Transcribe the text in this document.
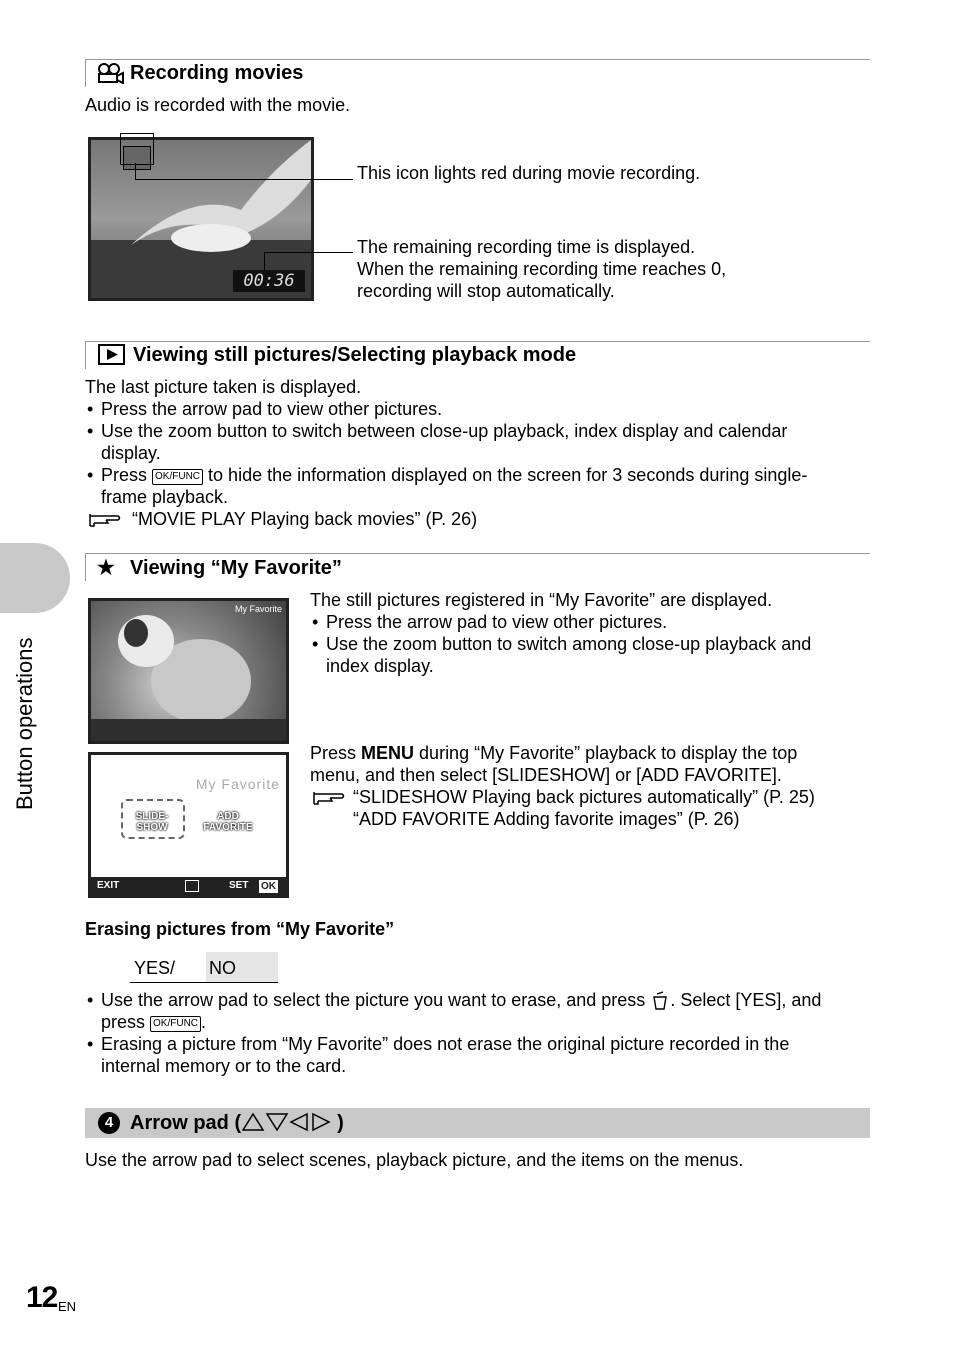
Button operations
Recording movies
Audio is recorded with the movie.
00:36
This icon lights red during movie recording.
The remaining recording time is displayed.
When the remaining recording time reaches 0,
recording will stop automatically.
Viewing still pictures/Selecting playback mode
The last picture taken is displayed.
• Press the arrow pad to view other pictures.
• Use the zoom button to switch between close-up playback, index display and calendar
display.
• Press OK/FUNC to hide the information displayed on the screen for 3 seconds during single-
frame playback.
“MOVIE PLAY Playing back movies” (P. 26)
★ Viewing “My Favorite”
My Favorite The still pictures registered in “My Favorite” are displayed.
• Press the arrow pad to view other pictures.
• Use the zoom button to switch among close-up playback and
index display.
My Favorite
SLIDE-
SHOW
ADD
FAVORITE
EXIT	SET OK
Press MENU during “My Favorite” playback to display the top
menu, and then select [SLIDESHOW] or [ADD FAVORITE].
“SLIDESHOW Playing back pictures automatically” (P. 25)
“ADD FAVORITE Adding favorite images” (P. 26)
Erasing pictures from “My Favorite”
YES/ NO
• Use the arrow pad to select the picture you want to erase, and press . Select [YES], and
press OK/FUNC .
• Erasing a picture from “My Favorite” does not erase the original picture recorded in the
internal memory or to the card.
4 Arrow pad (	)
Use the arrow pad to select scenes, playback picture, and the items on the menus.
12 EN
